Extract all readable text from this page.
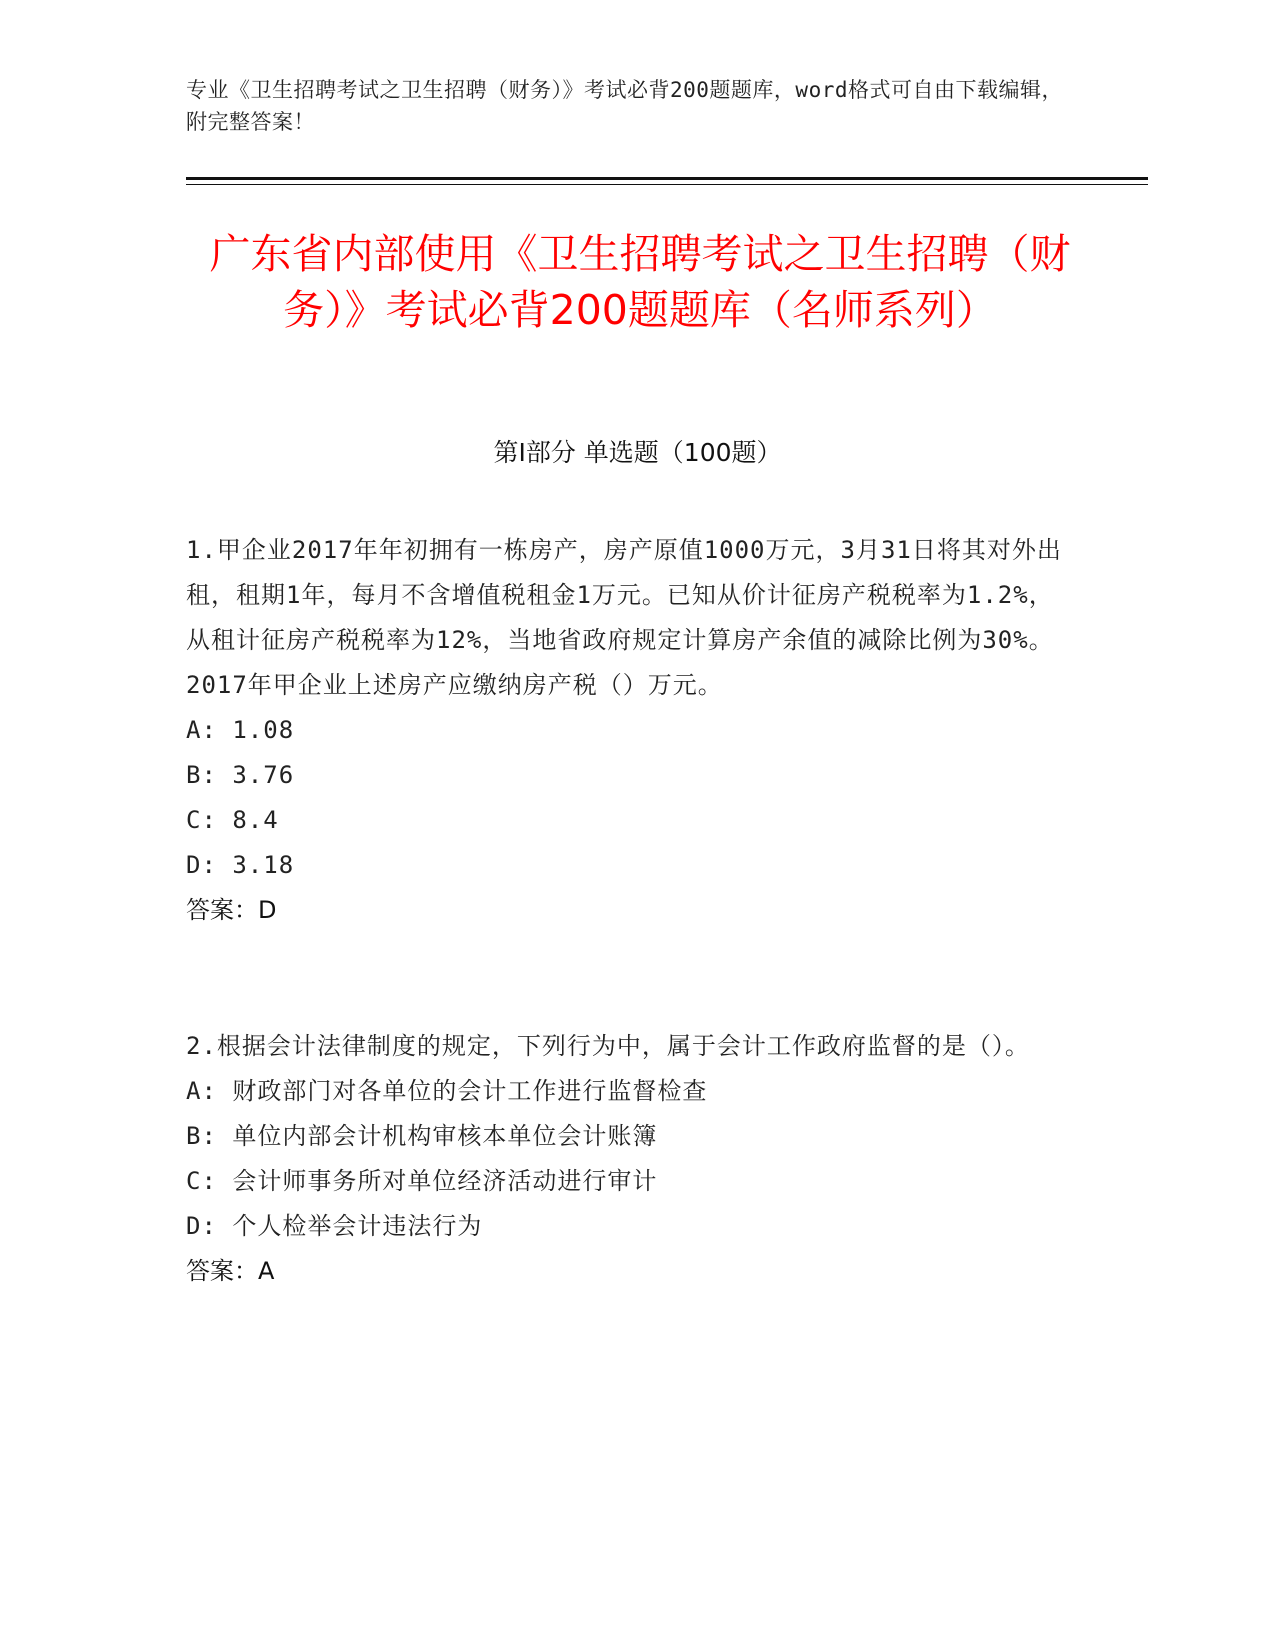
专业《卫生招聘考试之卫生招聘（财务）》考试必背200题题库，word格式可自由下载编辑，附完整答案！
广东省内部使用《卫生招聘考试之卫生招聘（财务）》考试必背200题题库（名师系列）
第Ⅰ部分 单选题（100题）

1.甲企业2017年年初拥有一栋房产，房产原值1000万元，3月31日将其对外出租，租期1年，每月不含增值税租金1万元。已知从价计征房产税税率为1.2%，从租计征房产税税率为12%，当地省政府规定计算房产余值的减除比例为30%。2017年甲企业上述房产应缴纳房产税（）万元。

A: 1.08

B: 3.76

C: 8.4

D: 3.18

答案：D

2.根据会计法律制度的规定，下列行为中，属于会计工作政府监督的是（）。

A: 财政部门对各单位的会计工作进行监督检查

B: 单位内部会计机构审核本单位会计账簿

C: 会计师事务所对单位经济活动进行审计

D: 个人检举会计违法行为

答案：A
